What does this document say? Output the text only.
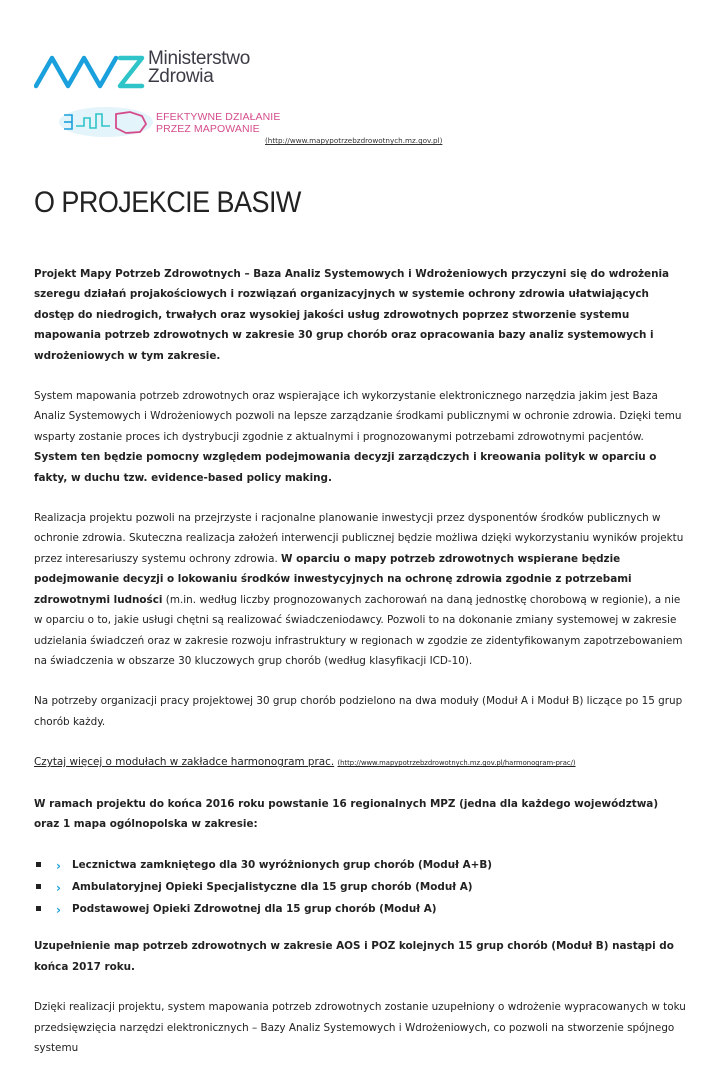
Ministerstwo
Zdrowia
EFEKTYWNE DZIAŁANIE
PRZEZ MAPOWANIE
(http://www.mapypotrzebzdrowotnych.mz.gov.pl)
O PROJEKCIE BASIW

Projekt Mapy Potrzeb Zdrowotnych – Baza Analiz Systemowych i Wdrożeniowych przyczyni się do wdrożenia szeregu działań projakościowych i rozwiązań organizacyjnych w systemie ochrony zdrowia ułatwiających dostęp do niedrogich, trwałych oraz wysokiej jakości usług zdrowotnych poprzez stworzenie systemu mapowania potrzeb zdrowotnych w zakresie 30 grup chorób oraz opracowania bazy analiz systemowych i wdrożeniowych w tym zakresie.

System mapowania potrzeb zdrowotnych oraz wspierające ich wykorzystanie elektronicznego narzędzia jakim jest Baza Analiz Systemowych i Wdrożeniowych pozwoli na lepsze zarządzanie środkami publicznymi w ochronie zdrowia. Dzięki temu wsparty zostanie proces ich dystrybucji zgodnie z aktualnymi i prognozowanymi potrzebami zdrowotnymi pacjentów. System ten będzie pomocny względem podejmowania decyzji zarządczych i kreowania polityk w oparciu o fakty, w duchu tzw. evidence-based policy making.

Realizacja projektu pozwoli na przejrzyste i racjonalne planowanie inwestycji przez dysponentów środków publicznych w ochronie zdrowia. Skuteczna realizacja założeń interwencji publicznej będzie możliwa dzięki wykorzystaniu wyników projektu przez interesariuszy systemu ochrony zdrowia. W oparciu o mapy potrzeb zdrowotnych wspierane będzie podejmowanie decyzji o lokowaniu środków inwestycyjnych na ochronę zdrowia zgodnie z potrzebami zdrowotnymi ludności (m.in. według liczby prognozowanych zachorowań na daną jednostkę chorobową w regionie), a nie w oparciu o to, jakie usługi chętni są realizować świadczeniodawcy. Pozwoli to na dokonanie zmiany systemowej w zakresie udzielania świadczeń oraz w zakresie rozwoju infrastruktury w regionach w zgodzie ze zidentyfikowanym zapotrzebowaniem na świadczenia w obszarze 30 kluczowych grup chorób (według klasyfikacji ICD-10).

Na potrzeby organizacji pracy projektowej 30 grup chorób podzielono na dwa moduły (Moduł A i Moduł B) liczące po 15 grup chorób każdy.

Czytaj więcej o modułach w zakładce harmonogram prac. (http://www.mapypotrzebzdrowotnych.mz.gov.pl/harmonogram-prac/)

W ramach projektu do końca 2016 roku powstanie 16 regionalnych MPZ (jedna dla każdego województwa) oraz 1 mapa ogólnopolska w zakresie:

› Lecznictwa zamkniętego dla 30 wyróżnionych grup chorób (Moduł A+B)
› Ambulatoryjnej Opieki Specjalistyczne dla 15 grup chorób (Moduł A)
› Podstawowej Opieki Zdrowotnej dla 15 grup chorób (Moduł A)

Uzupełnienie map potrzeb zdrowotnych w zakresie AOS i POZ kolejnych 15 grup chorób (Moduł B) nastąpi do końca 2017 roku.

Dzięki realizacji projektu, system mapowania potrzeb zdrowotnych zostanie uzupełniony o wdrożenie wypracowanych w toku przedsięwzięcia narzędzi elektronicznych – Bazy Analiz Systemowych i Wdrożeniowych, co pozwoli na stworzenie spójnego systemu
